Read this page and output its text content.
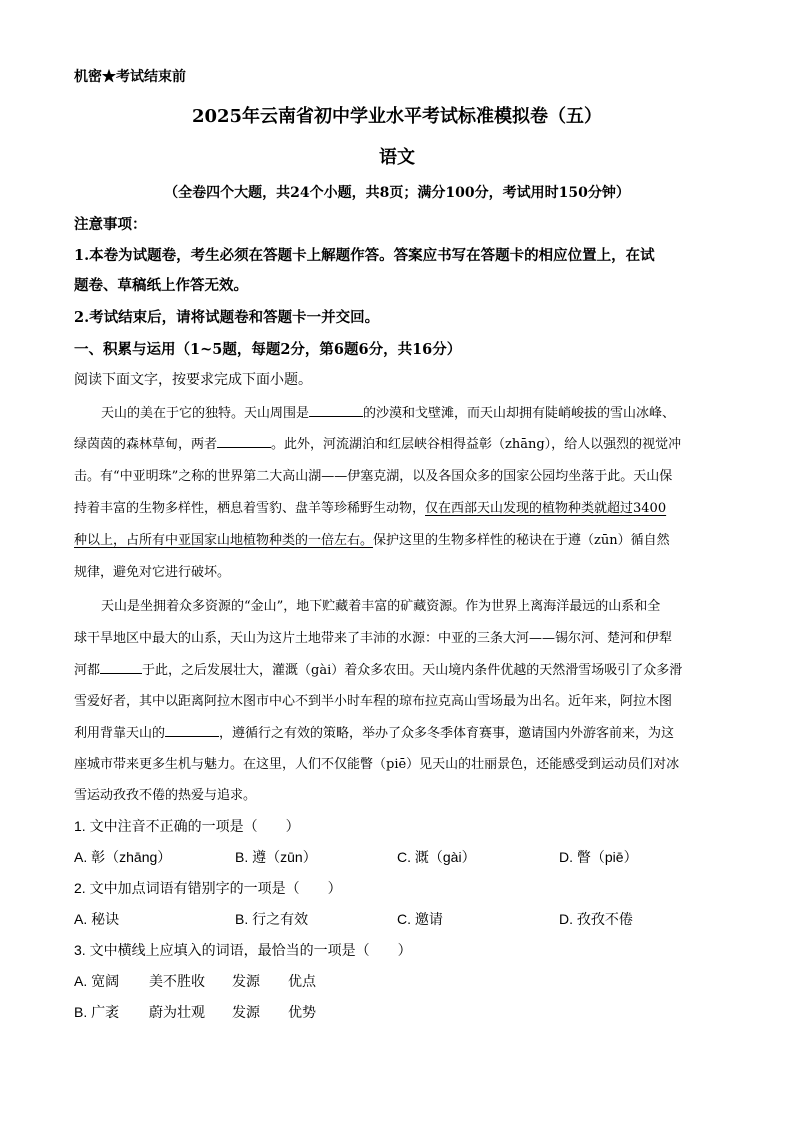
机密★考试结束前
2025年云南省初中学业水平考试标准模拟卷（五）
语文
（全卷四个大题，共24个小题，共8页；满分100分，考试用时150分钟）
注意事项：
1.本卷为试题卷，考生必须在答题卡上解题作答。答案应书写在答题卡的相应位置上，在试
题卷、草稿纸上作答无效。
2.考试结束后，请将试题卷和答题卡一并交回。
一、积累与运用（1~5题，每题2分，第6题6分，共16分）
阅读下面文字，按要求完成下面小题。
天山的美在于它的独特。天山周围是	的沙漠和戈壁滩，而天山却拥有陡峭峻拔的雪山冰峰、
绿茵茵的森林草甸，两者	。此外，河流湖泊和红层峡谷相得益彰（zhāng），给人以强烈的视觉冲
击。有“中亚明珠”之称的世界第二大高山湖——伊塞克湖，以及各国众多的国家公园均坐落于此。天山保
持着丰富的生物多样性，栖息着雪豹、盘羊等珍稀野生动物，仅在西部天山发现的植物种类就超过3400
种以上，占所有中亚国家山地植物种类的一倍左右。保护这里的生物多样性的秘诀在于遵（zūn）循自然
规律，避免对它进行破坏。
天山是坐拥着众多资源的“金山”，地下贮藏着丰富的矿藏资源。作为世界上离海洋最远的山系和全
球干旱地区中最大的山系，天山为这片土地带来了丰沛的水源：中亚的三条大河——锡尔河、楚河和伊犁
河都	于此，之后发展壮大，灌溉（gài）着众多农田。天山境内条件优越的天然滑雪场吸引了众多滑
雪爱好者，其中以距离阿拉木图市中心不到半小时车程的琼布拉克高山雪场最为出名。近年来，阿拉木图
利用背靠天山的	，遵循行之有效的策略，举办了众多冬季体育赛事，邀请国内外游客前来，为这
座城市带来更多生机与魅力。在这里，人们不仅能瞥（piē）见天山的壮丽景色，还能感受到运动员们对冰
雪运动孜孜不倦的热爱与追求。
1. 文中注音不正确的一项是（　　）
A. 彰（zhāng）	B. 遵（zūn）	C. 溉（gài）	D. 瞥（piē）
2. 文中加点词语有错别字的一项是（　　）
A. 秘诀	B. 行之有效	C. 邀请	D. 孜孜不倦
3. 文中横线上应填入的词语，最恰当的一项是（　　）
A. 宽阔 美不胜收 发源 优点
B. 广袤 蔚为壮观 发源 优势
